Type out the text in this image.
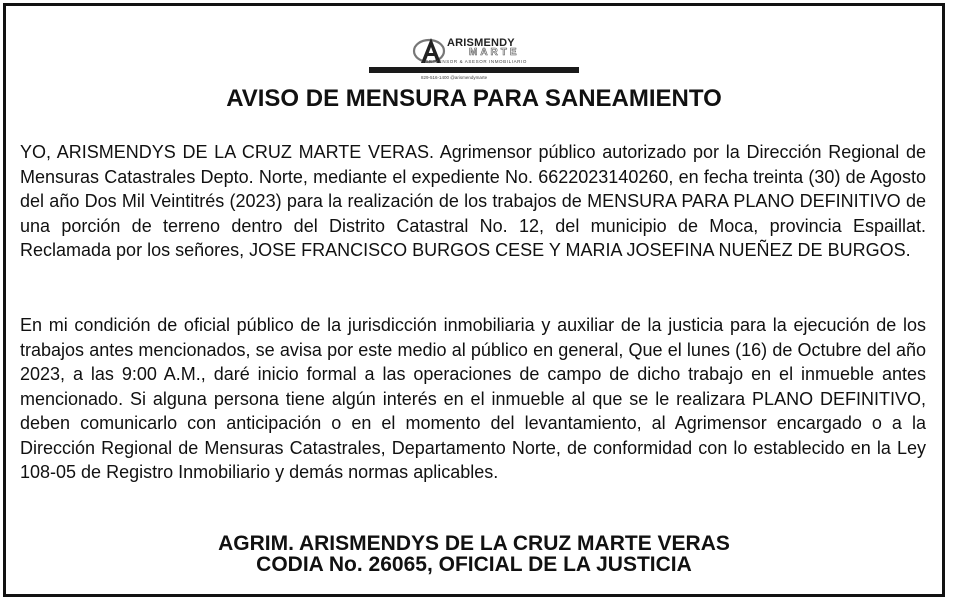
ARISMENDY
MARTE
AGRIMENSOR & ASESOR INMOBILIARIO
829-516-1400 @arismendymarte
AVISO DE MENSURA PARA SANEAMIENTO

YO, ARISMENDYS DE LA CRUZ MARTE VERAS. Agrimensor público autorizado por la Dirección Regional de Mensuras Catastrales Depto. Norte, mediante el expediente No. 6622023140260, en fecha treinta (30) de Agosto del año Dos Mil Veintitrés (2023) para la realización de los trabajos de MENSURA PARA PLANO DEFINITIVO de una porción de terreno dentro del Distrito Catastral No. 12, del municipio de Moca, provincia Espaillat. Reclamada por los señores, JOSE FRANCISCO BURGOS CESE Y MARIA JOSEFINA NUEÑEZ DE BURGOS.

En mi condición de oficial público de la jurisdicción inmobiliaria y auxiliar de la justicia para la ejecución de los trabajos antes mencionados, se avisa por este medio al público en general, Que el lunes (16) de Octubre del año 2023, a las 9:00 A.M., daré inicio formal a las operaciones de campo de dicho trabajo en el inmueble antes mencionado. Si alguna persona tiene algún interés en el inmueble al que se le realizara PLANO DEFINITIVO, deben comunicarlo con anticipación o en el momento del levantamiento, al Agrimensor encargado o a la Dirección Regional de Mensuras Catastrales, Departamento Norte, de conformidad con lo establecido en la Ley 108-05 de Registro Inmobiliario y demás normas aplicables.

AGRIM. ARISMENDYS DE LA CRUZ MARTE VERAS
CODIA No. 26065, OFICIAL DE LA JUSTICIA
